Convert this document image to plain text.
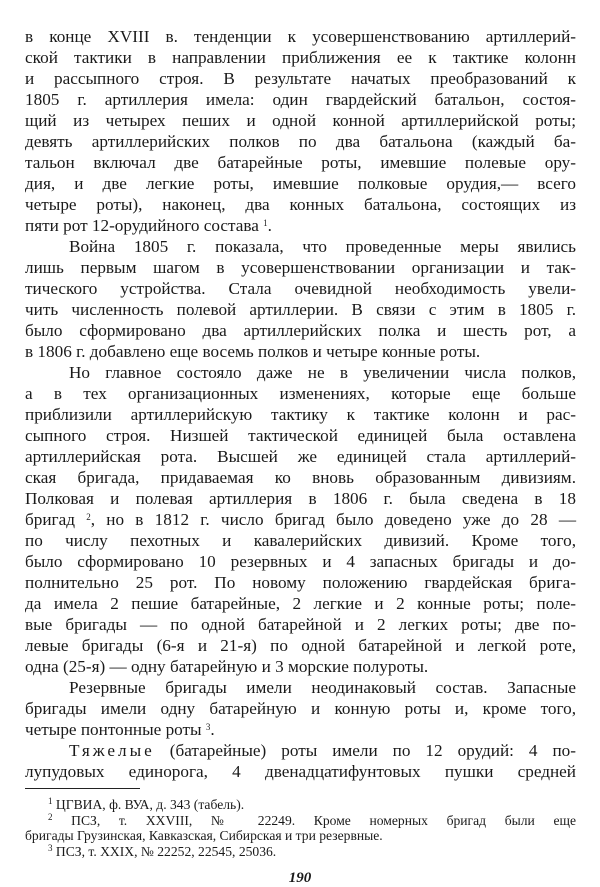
в конце XVIII в. тенденции к усовершенствованию артиллерий-
ской тактики в направлении приближения ее к тактике колонн
и рассыпного строя. В результате начатых преобразований к
1805 г. артиллерия имела: один гвардейский батальон, состоя-
щий из четырех пеших и одной конной артиллерийской роты;
девять артиллерийских полков по два батальона (каждый ба-
тальон включал две батарейные роты, имевшие полевые ору-
дия, и две легкие роты, имевшие полковые орудия,— всего
четыре роты), наконец, два конных батальона, состоящих из
пяти рот 12-орудийного состава $^1$.
Война 1805 г. показала, что проведенные меры явились
лишь первым шагом в усовершенствовании организации и так-
тического устройства. Стала очевидной необходимость увели-
чить численность полевой артиллерии. В связи с этим в 1805 г.
было сформировано два артиллерийских полка и шесть рот, а
в 1806 г. добавлено еще восемь полков и четыре конные роты.
Но главное состояло даже не в увеличении числа полков,
а в тех организационных изменениях, которые еще больше
приблизили артиллерийскую тактику к тактике колонн и рас-
сыпного строя. Низшей тактической единицей была оставлена
артиллерийская рота. Высшей же единицей стала артиллерий-
ская бригада, придаваемая ко вновь образованным дивизиям.
Полковая и полевая артиллерия в 1806 г. была сведена в 18
бригад $^2$, но в 1812 г. число бригад было доведено уже до 28 —
по числу пехотных и кавалерийских дивизий. Кроме того,
было сформировано 10 резервных и 4 запасных бригады и до-
полнительно 25 рот. По новому положению гвардейская брига-
да имела 2 пешие батарейные, 2 легкие и 2 конные роты; поле-
вые бригады — по одной батарейной и 2 легких роты; две по-
левые бригады (6-я и 21-я) по одной батарейной и легкой роте,
одна (25-я) — одну батарейную и 3 морские полуроты.
Резервные бригады имели неодинаковый состав. Запасные
бригады имели одну батарейную и конную роты и, кроме того,
четыре понтонные роты $^3$.
Тяжелые (батарейные) роты имели по 12 орудий: 4 по-
лупудовых единорога, 4 двенадцатифунтовых пушки средней
$^1$ ЦГВИА, ф. ВУА, д. 343 (табель).
$^2$ ПСЗ, т. XXVIII, № 22249. Кроме номерных бригад были еще
бригады Грузинская, Кавказская, Сибирская и три резервные.
$^3$ ПСЗ, т. XXIX, № 22252, 22545, 25036.
190
